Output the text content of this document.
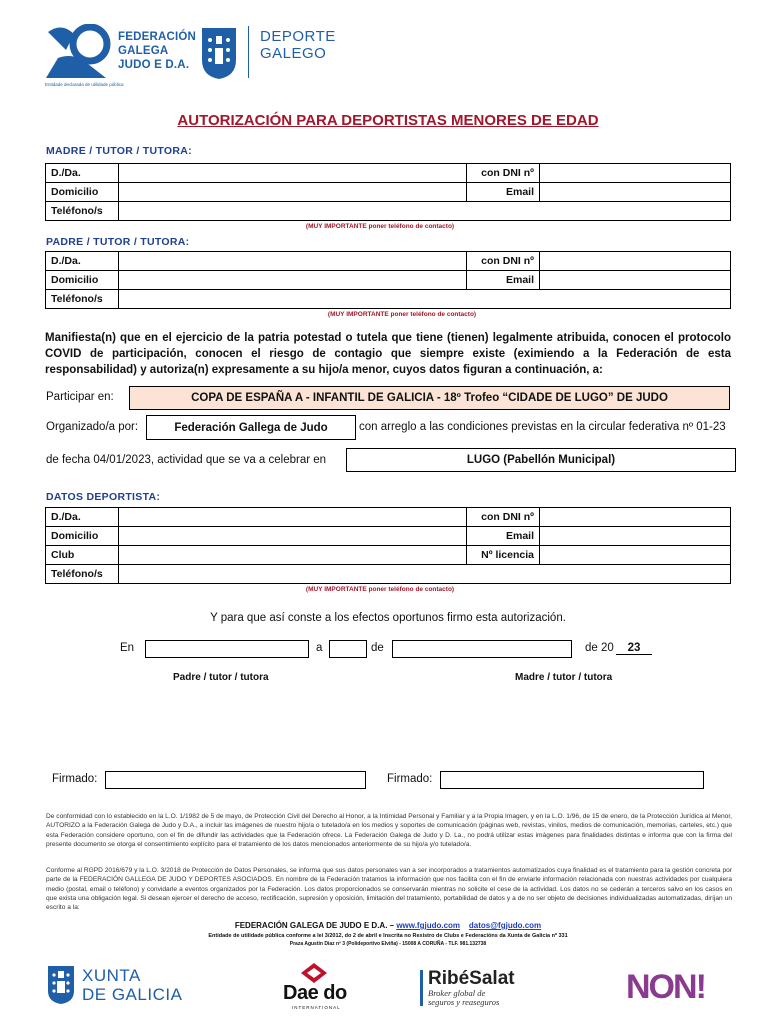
FEDERACIÓN
GALEGA
JUDO E D.A.
Entidade declarada de utilidade pública
DEPORTE
GALEGO
AUTORIZACIÓN PARA DEPORTISTAS MENORES DE EDAD
MADRE / TUTOR / TUTORA:
D./Da.		con DNI nº	
Domicilio		Email	
Teléfono/s			
(MUY IMPORTANTE poner teléfono de contacto)
PADRE / TUTOR / TUTORA:
D./Da.		con DNI nº	
Domicilio		Email	
Teléfono/s			
(MUY IMPORTANTE poner teléfono de contacto)
Manifiesta(n) que en el ejercicio de la patria potestad o tutela que tiene (tienen) legalmente atribuida, conocen el protocolo COVID de participación, conocen el riesgo de contagio que siempre existe (eximiendo a la Federación de esta responsabilidad) y autoriza(n) expresamente a su hijo/a menor, cuyos datos figuran a continuación, a:
Participar en:	COPA DE ESPAÑA A - INFANTIL DE GALICIA - 18º Trofeo “CIDADE DE LUGO” DE JUDO
Organizado/a por:	Federación Gallega de Judo	con arreglo a las condiciones previstas en la circular federativa nº 01-23
de fecha 04/01/2023, actividad que se va a celebrar en	LUGO (Pabellón Municipal)
DATOS DEPORTISTA:
D./Da.		con DNI nº	
Domicilio		Email	
Club		Nº licencia	
Teléfono/s			
(MUY IMPORTANTE poner teléfono de contacto)
Y para que así conste a los efectos oportunos firmo esta autorización.
En	a	de	de 20	23
Padre / tutor / tutora	Madre / tutor / tutora
Firmado:	Firmado:
De conformidad con lo establecido en la L.O. 1/1982 de 5 de mayo, de Protección Civil del Derecho al Honor, a la Intimidad Personal y Familiar y a la Propia Imagen, y en la L.O. 1/96, de 15 de enero, de la Protección Jurídica al Menor, AUTORIZO a la Federación Galega de Judo y D.A., a incluir las imágenes de nuestro hijo/a o tutelado/a en los medios y soportes de comunicación (páginas web, revistas, vinilos, medios de comunicación, memorias, carteles, etc.) que esta Federación considere oportuno, con el fin de difundir las actividades que la Federación ofrece. La Federación Galega de Judo y D. La., no podrá utilizar estas imágenes para finalidades distintas e informa que con la firma del presente documento se otorga el consentimiento explícito para el tratamiento de los datos mencionados anteriormente de su hijo/a y/o tutelado/a.
Conforme al RGPD 2016/679 y la L.O. 3/2018 de Protección de Datos Personales, se informa que sus datos personales van a ser incorporados a tratamientos automatizados cuya finalidad es el tratamiento para la gestión concreta por parte de la FEDERACIÓN GALLEGA DE JUDO Y DEPORTES ASOCIADOS. En nombre de la Federación tratamos la información que nos facilita con el fin de enviarle información relacionada con nuestras actividades por cualquiera medio (postal, email o teléfono) y convidarle a eventos organizados por la Federación. Los datos proporcionados se conservarán mientras no solicite el cese de la actividad. Los datos no se cederán a terceros salvo en los casos en que exista una obligación legal. Si desean ejercer el derecho de acceso, rectificación, supresión y oposición, limitación del tratamiento, portabilidad de datos y a de no ser objeto de decisiones individualizadas automatizadas, diríjan un escrito a la:
FEDERACIÓN GALEGA DE JUDO E D.A. – www.fgjudo.com datos@fgjudo.com
Entidade de utilidade pública conforme a lei 3/2012, do 2 de abril e Inscrita no Rexistro de Clubs e Federacións da Xunta de Galicia nº 331
Praza Agustín Díaz nº 3 (Polideportivo Elviña) - 15008 A CORUÑA - TLF. 981.132738
XUNTA
DE GALICIA	Dae do
INTERNATIONAL
RibéSalat
Broker global de
seguros y reaseguros	NON!
